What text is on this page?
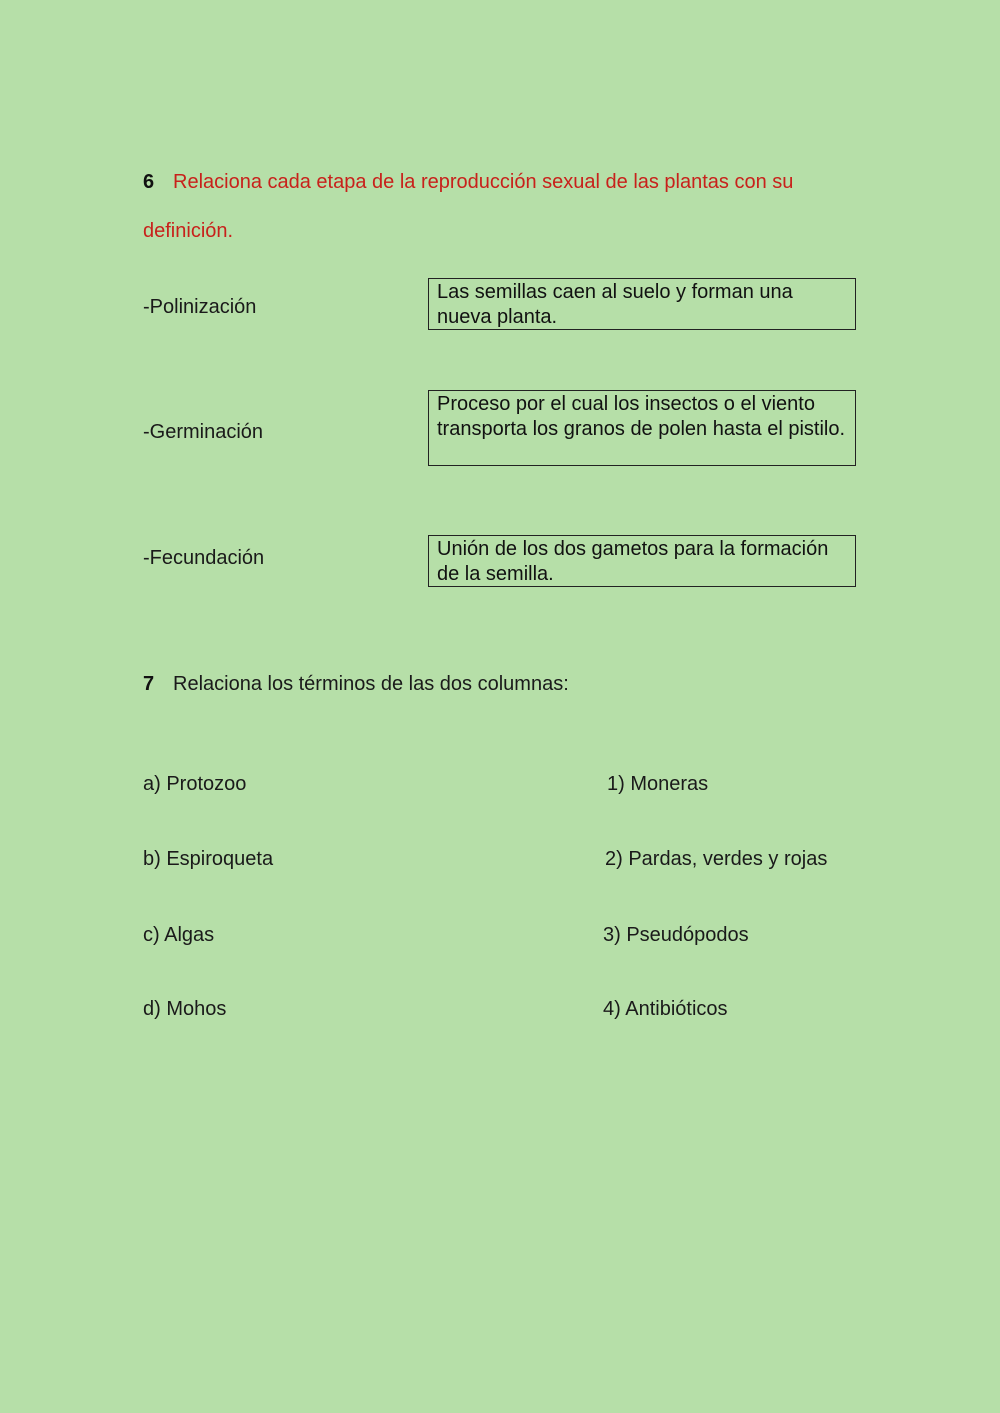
6 Relaciona cada etapa de la reproducción sexual de las plantas con su
definición.
-Polinización
-Germinación
-Fecundación
Las semillas caen al suelo y forman una nueva planta.
Proceso por el cual los insectos o el viento transporta los granos de polen hasta el pistilo.
Unión de los dos gametos para la formación de la semilla.
7 Relaciona los términos de las dos columnas:
a) Protozoo
b) Espiroqueta
c) Algas
d) Mohos
1) Moneras
2) Pardas, verdes y rojas
3) Pseudópodos
4) Antibióticos
